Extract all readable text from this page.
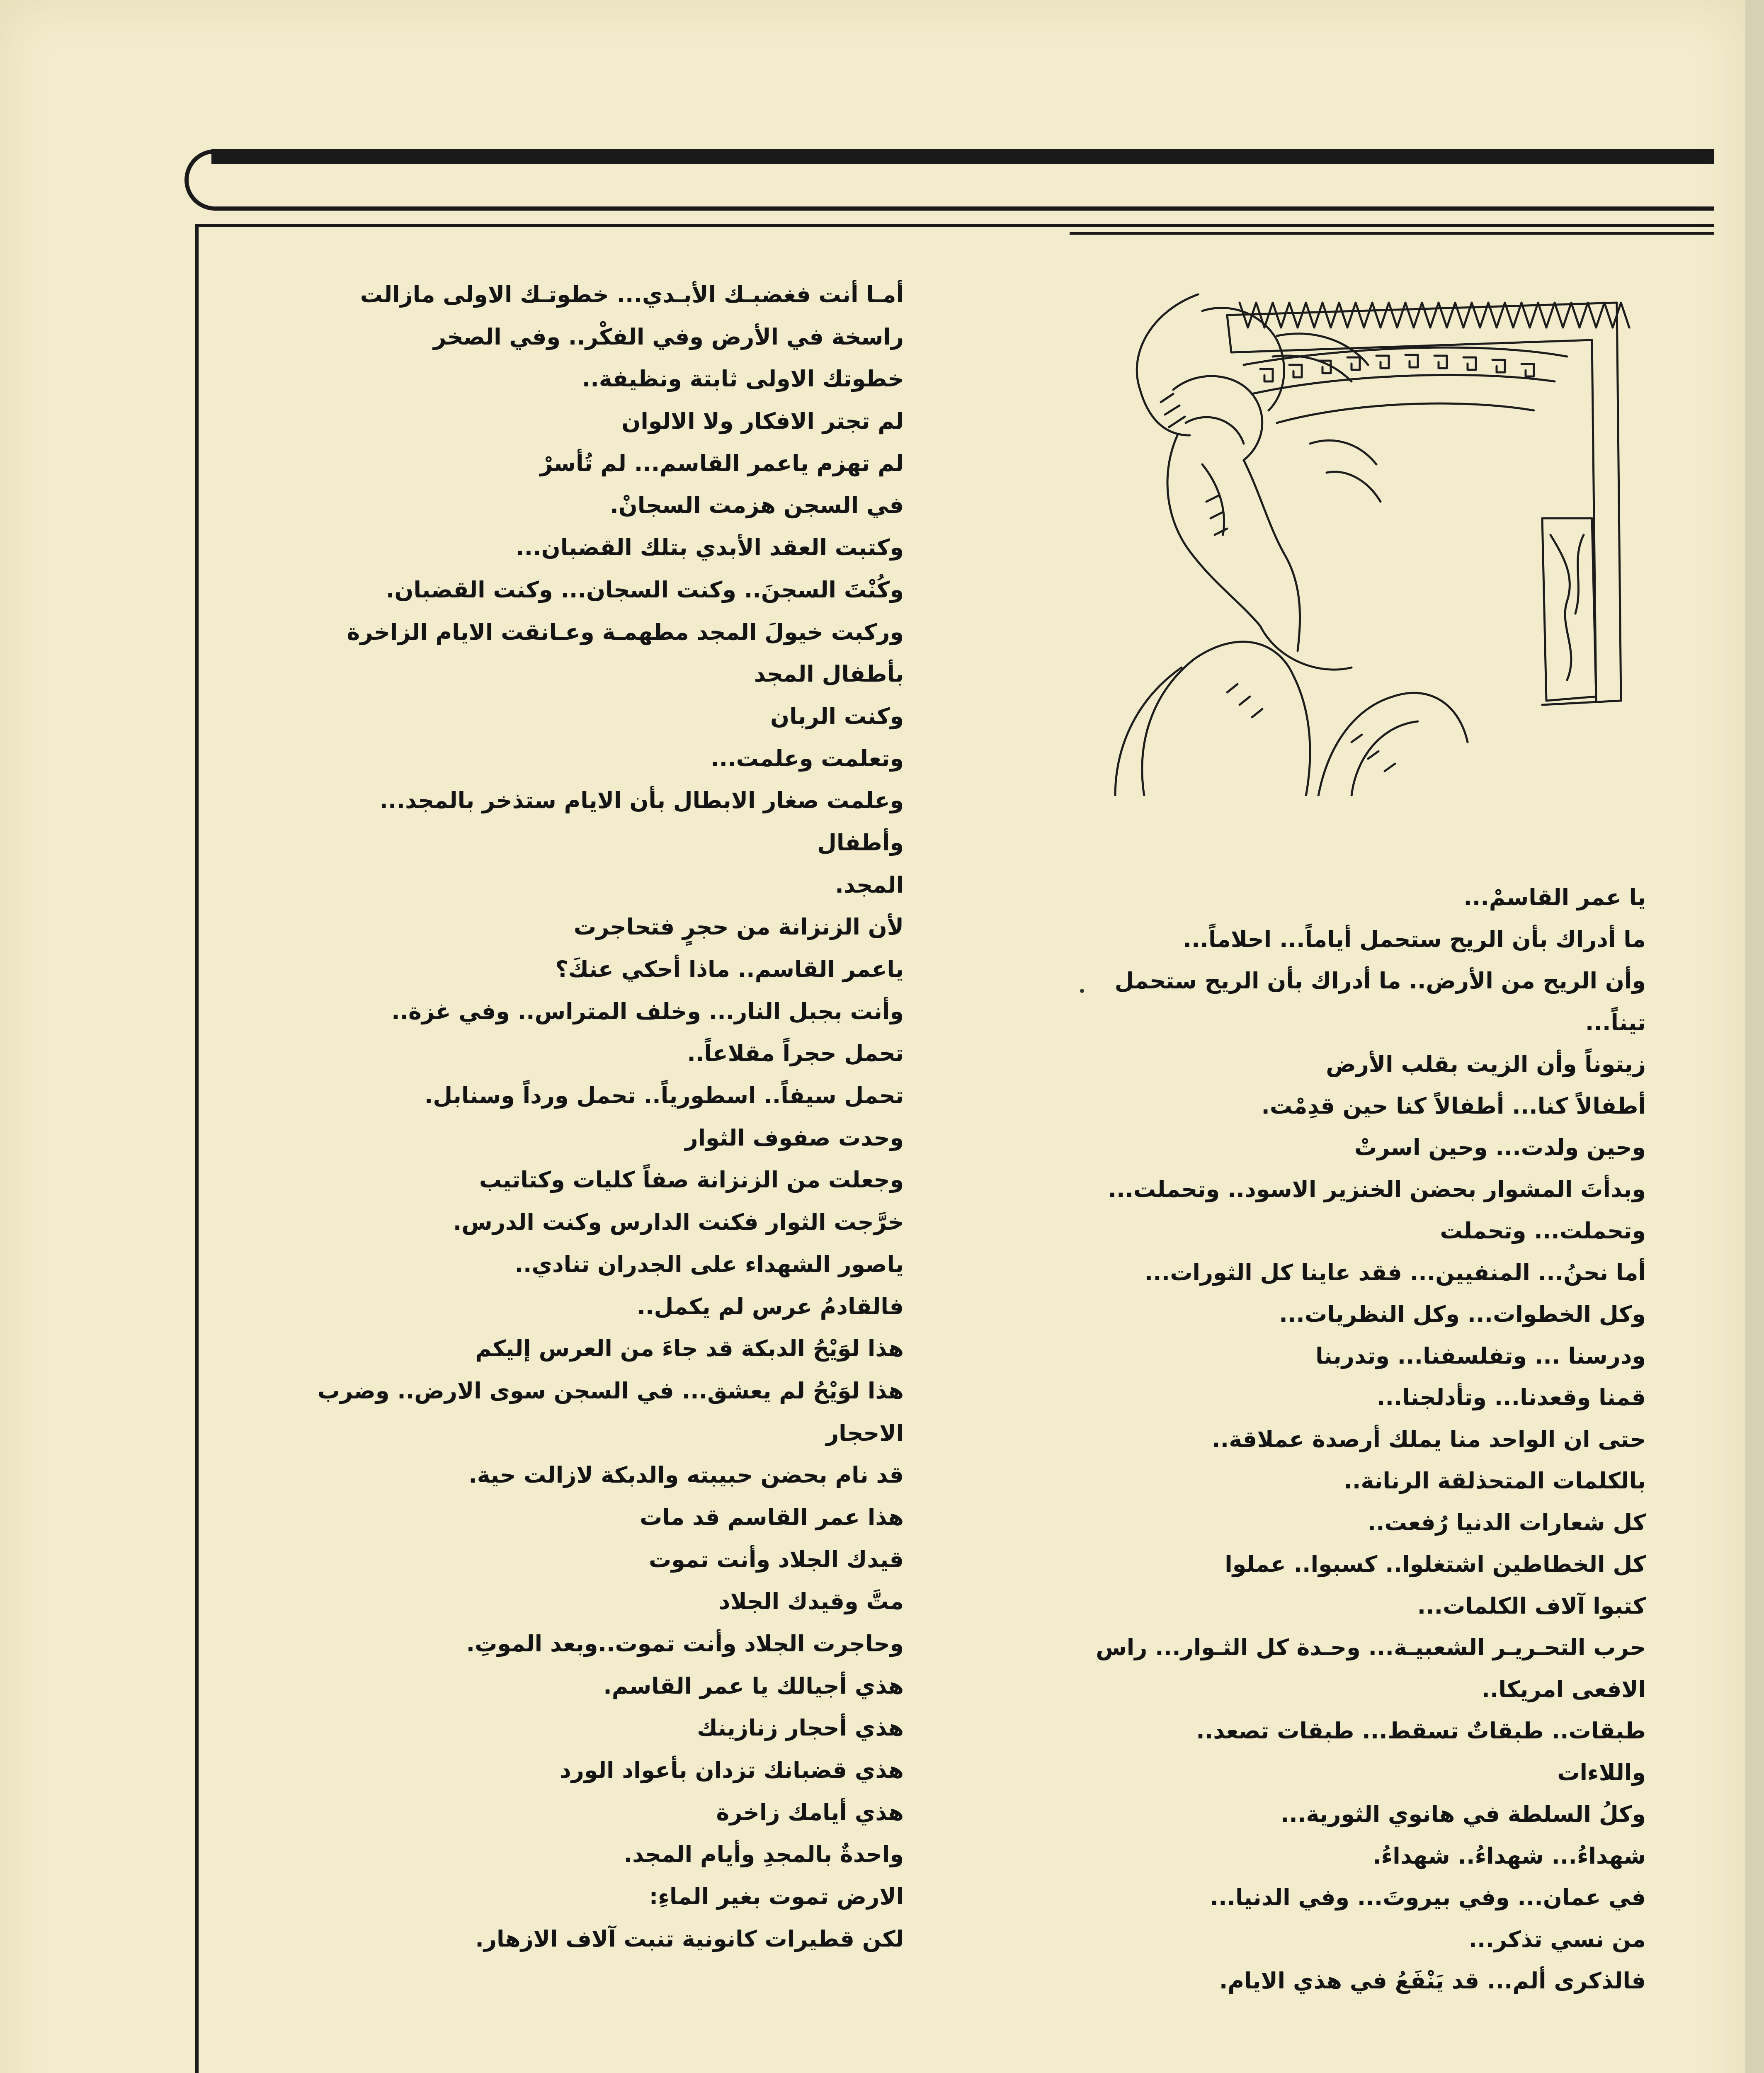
أمـا أنت فغضبـك الأبـدي... خطوتـك الاولى مازالت
راسخة في الأرض وفي الفكْر.. وفي الصخر
خطوتك الاولى ثابتة ونظيفة..
لم تجتر الافكار ولا الالوان
لم تهزم ياعمر القاسم... لم تُأسرْ
في السجن هزمت السجانْ.
وكتبت العقد الأبدي بتلك القضبان...
وكُنْتَ السجنَ.. وكنت السجان... وكنت القضبان.
وركبت خيولَ المجد مطهمـة وعـانقت الايام الزاخرة
بأطفال المجد
وكنت الربان
وتعلمت وعلمت...
وعلمت صغار الابطال بأن الايام ستذخر بالمجد...
وأطفال
المجد.
لأن الزنزانة من حجرٍ فتحاجرت
ياعمر القاسم.. ماذا أحكي عنكَ؟
وأنت بجبل النار... وخلف المتراس.. وفي غزة..
تحمل حجراً مقلاعاً..
تحمل سيفاً.. اسطورياً.. تحمل ورداً وسنابل.
وحدت صفوف الثوار
وجعلت من الزنزانة صفاً كليات وكتاتيب
خرَّجت الثوار فكنت الدارس وكنت الدرس.
ياصور الشهداء على الجدران تنادي..
فالقادمُ عرس لم يكمل..
هذا لوَيْحُ الدبكة قد جاءَ من العرس إليكم
هذا لوَيْحُ لم يعشق... في السجن سوى الارض.. وضرب
الاحجار
قد نام بحضن حبيبته والدبكة لازالت حية.
هذا عمر القاسم قد مات
قيدك الجلاد وأنت تموت
متَّ وقيدك الجلاد
وحاجرت الجلاد وأنت تموت..وبعد الموتِ.
هذي أجيالك يا عمر القاسم.
هذي أحجار زنازينك
هذي قضبانك تزدان بأعواد الورد
هذي أيامك زاخرة
واحدةٌ بالمجدِ وأيام المجد.
الارض تموت بغير الماءِ:
لكن قطيرات كانونية تنبت آلاف الازهار.
يا عمر القاسمْ...
ما أدراك بأن الريح ستحمل أياماً... احلاماً...
وأن الريح من الأرض.. ما أدراك بأن الريح ستحمل
تيناً...
زيتوناً وأن الزيت بقلب الأرض
أطفالاً كنا... أطفالاً كنا حين قدِمْت.
وحين ولدت... وحين اسرتْ
وبدأتَ المشوار بحضن الخنزير الاسود.. وتحملت...
وتحملت... وتحملت
أما نحنُ... المنفيين... فقد عاينا كل الثورات...
وكل الخطوات... وكل النظريات...
ودرسنا ... وتفلسفنا... وتدربنا
قمنا وقعدنا... وتأدلجنا...
حتى ان الواحد منا يملك أرصدة عملاقة..
بالكلمات المتحذلقة الرنانة..
كل شعارات الدنيا رُفعت..
كل الخطاطين اشتغلوا.. كسبوا.. عملوا
كتبوا آلاف الكلمات...
حرب التحـريـر الشعبيـة... وحـدة كل الثـوار... راس
الافعى امريكا..
طبقات.. طبقاتٌ تسقط... طبقات تصعد..
واللاءات
وكلُ السلطة في هانوي الثورية...
شهداءُ... شهداءُ.. شهداءُ.
في عمان... وفي بيروتَ... وفي الدنيا...
من نسي تذكر...
فالذكرى ألم... قد يَنْفَعُ في هذي الايام.
